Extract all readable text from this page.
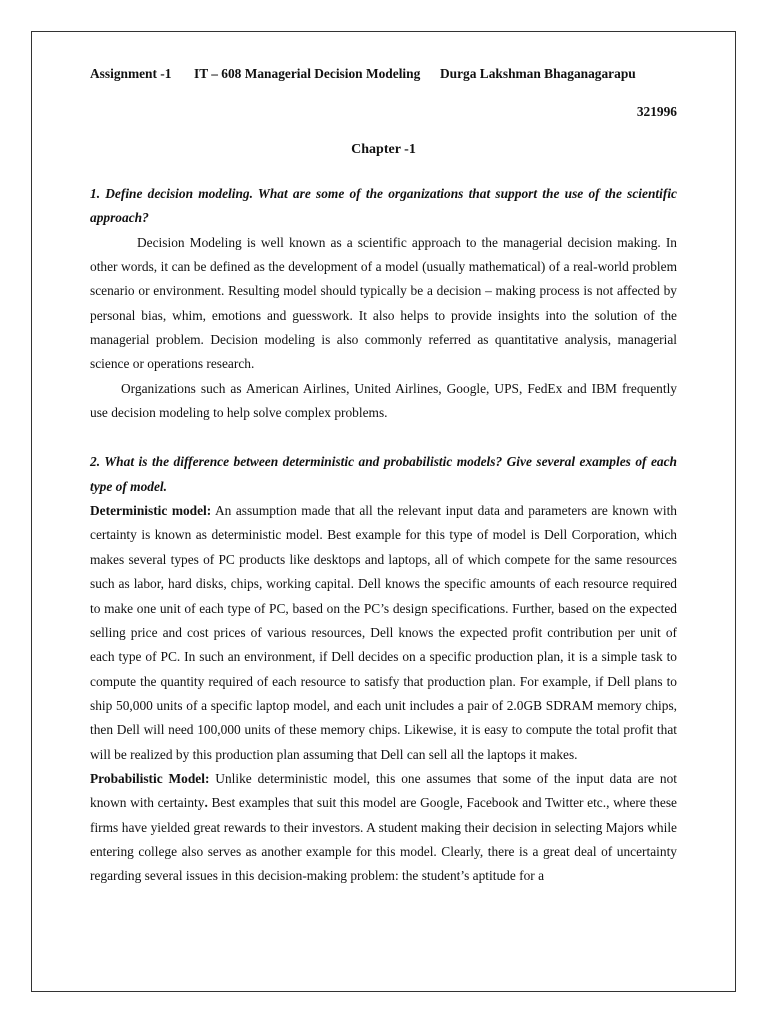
Assignment -1	IT – 608 Managerial Decision Modeling	Durga Lakshman Bhaganagarapu
321996
Chapter -1
1. Define decision modeling. What are some of the organizations that support the use of the scientific approach?

Decision Modeling is well known as a scientific approach to the managerial decision making. In other words, it can be defined as the development of a model (usually mathematical) of a real-world problem scenario or environment. Resulting model should typically be a decision – making process is not affected by personal bias, whim, emotions and guesswork. It also helps to provide insights into the solution of the managerial problem. Decision modeling is also commonly referred as quantitative analysis, managerial science or operations research.

Organizations such as American Airlines, United Airlines, Google, UPS, FedEx and IBM frequently use decision modeling to help solve complex problems.

2. What is the difference between deterministic and probabilistic models? Give several examples of each type of model.

Deterministic model: An assumption made that all the relevant input data and parameters are known with certainty is known as deterministic model. Best example for this type of model is Dell Corporation, which makes several types of PC products like desktops and laptops, all of which compete for the same resources such as labor, hard disks, chips, working capital. Dell knows the specific amounts of each resource required to make one unit of each type of PC, based on the PC’s design specifications. Further, based on the expected selling price and cost prices of various resources, Dell knows the expected profit contribution per unit of each type of PC. In such an environment, if Dell decides on a specific production plan, it is a simple task to compute the quantity required of each resource to satisfy that production plan. For example, if Dell plans to ship 50,000 units of a specific laptop model, and each unit includes a pair of 2.0GB SDRAM memory chips, then Dell will need 100,000 units of these memory chips. Likewise, it is easy to compute the total profit that will be realized by this production plan assuming that Dell can sell all the laptops it makes.

Probabilistic Model: Unlike deterministic model, this one assumes that some of the input data are not known with certainty. Best examples that suit this model are Google, Facebook and Twitter etc., where these firms have yielded great rewards to their investors. A student making their decision in selecting Majors while entering college also serves as another example for this model. Clearly, there is a great deal of uncertainty regarding several issues in this decision-making problem: the student’s aptitude for a
